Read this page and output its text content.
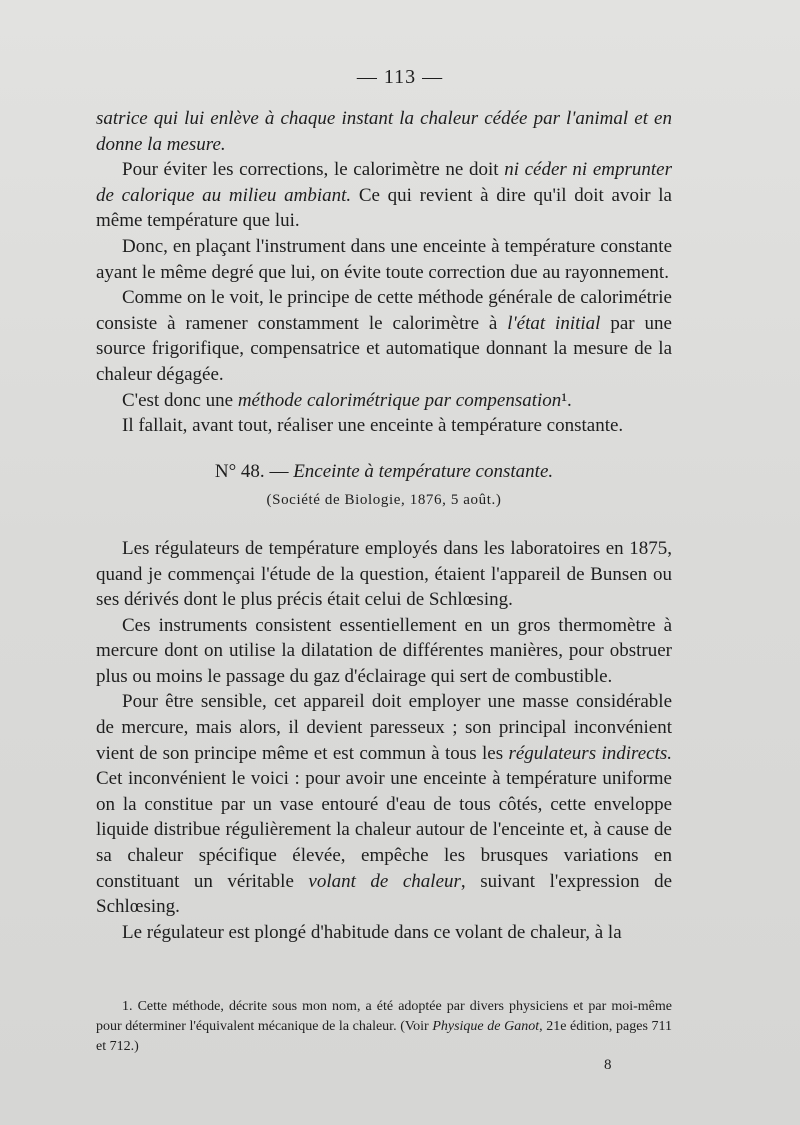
— 113 —

satrice qui lui enlève à chaque instant la chaleur cédée par l'animal et en donne la mesure.

Pour éviter les corrections, le calorimètre ne doit ni céder ni emprunter de calorique au milieu ambiant. Ce qui revient à dire qu'il doit avoir la même température que lui.

Donc, en plaçant l'instrument dans une enceinte à température constante ayant le même degré que lui, on évite toute correction due au rayonnement.

Comme on le voit, le principe de cette méthode générale de calorimétrie consiste à ramener constamment le calorimètre à l'état initial par une source frigorifique, compensatrice et automatique donnant la mesure de la chaleur dégagée.

C'est donc une méthode calorimétrique par compensation¹.

Il fallait, avant tout, réaliser une enceinte à température constante.

N° 48. — Enceinte à température constante.

(Société de Biologie, 1876, 5 août.)

Les régulateurs de température employés dans les laboratoires en 1875, quand je commençai l'étude de la question, étaient l'appareil de Bunsen ou ses dérivés dont le plus précis était celui de Schlœsing.

Ces instruments consistent essentiellement en un gros thermomètre à mercure dont on utilise la dilatation de différentes manières, pour obstruer plus ou moins le passage du gaz d'éclairage qui sert de combustible.

Pour être sensible, cet appareil doit employer une masse considérable de mercure, mais alors, il devient paresseux ; son principal inconvénient vient de son principe même et est commun à tous les régulateurs indirects. Cet inconvénient le voici : pour avoir une enceinte à température uniforme on la constitue par un vase entouré d'eau de tous côtés, cette enveloppe liquide distribue régulièrement la chaleur autour de l'enceinte et, à cause de sa chaleur spécifique élevée, empêche les brusques variations en constituant un véritable volant de chaleur, suivant l'expression de Schlœsing.

Le régulateur est plongé d'habitude dans ce volant de chaleur, à la

1. Cette méthode, décrite sous mon nom, a été adoptée par divers physiciens et par moi-même pour déterminer l'équivalent mécanique de la chaleur. (Voir Physique de Ganot, 21e édition, pages 711 et 712.)

8
